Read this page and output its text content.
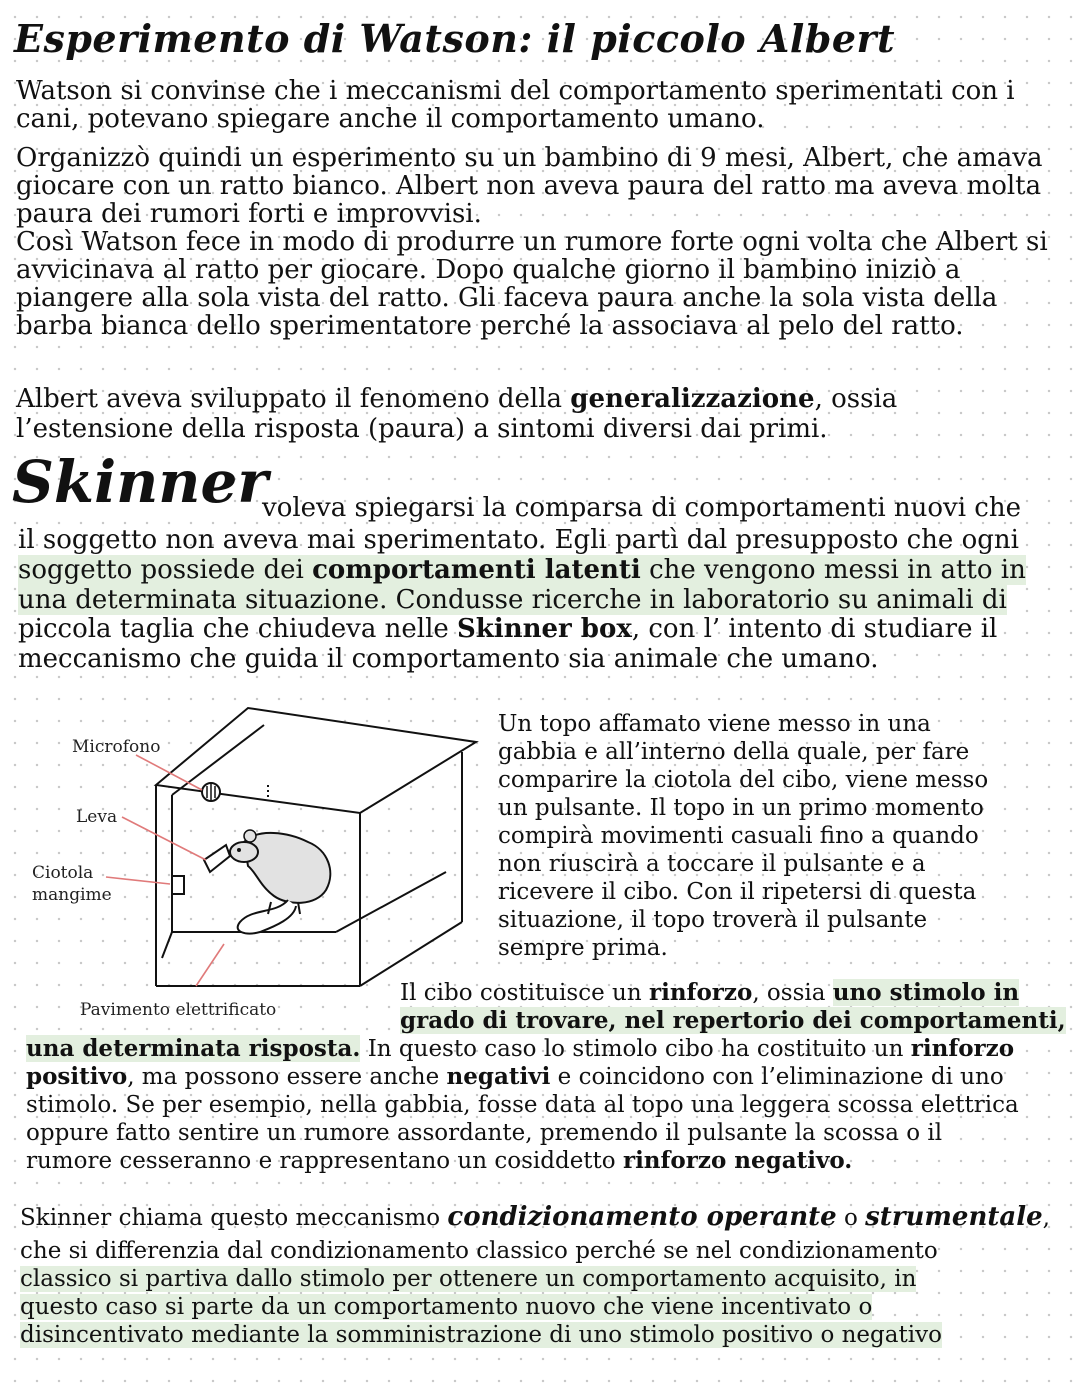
Esperimento di Watson: il piccolo Albert

Watson si convinse che i meccanismi del comportamento sperimentati con i cani, potevano spiegare anche il comportamento umano.

Organizzò quindi un esperimento su un bambino di 9 mesi, Albert, che amava giocare con un ratto bianco. Albert non aveva paura del ratto ma aveva molta paura dei rumori forti e improvvisi.

Così Watson fece in modo di produrre un rumore forte ogni volta che Albert si avvicinava al ratto per giocare. Dopo qualche giorno il bambino iniziò a piangere alla sola vista del ratto. Gli faceva paura anche la sola vista della barba bianca dello sperimentatore perché la associava al pelo del ratto.

Albert aveva sviluppato il fenomeno della generalizzazione, ossia l’estensione della risposta (paura) a sintomi diversi dai primi.

Skinner
voleva spiegarsi la comparsa di comportamenti nuovi che
il soggetto non aveva mai sperimentato. Egli partì dal presupposto che ogni
soggetto possiede dei comportamenti latenti che vengono messi in atto in
una determinata situazione. Condusse ricerche in laboratorio su animali di
piccola taglia che chiudeva nelle Skinner box, con l’ intento di studiare il
meccanismo che guida il comportamento sia animale che umano.
Microfono
Leva
Ciotola
mangime
Pavimento elettrificato
Un topo affamato viene messo in una
gabbia e all’interno della quale, per fare
comparire la ciotola del cibo, viene messo
un pulsante. Il topo in un primo momento
compirà movimenti casuali fino a quando
non riuscirà a toccare il pulsante e a
ricevere il cibo. Con il ripetersi di questa
situazione, il topo troverà il pulsante
sempre prima.
Il cibo costituisce un rinforzo, ossia uno stimolo in
grado di trovare, nel repertorio dei comportamenti,
una determinata risposta. In questo caso lo stimolo cibo ha costituito un rinforzo
positivo, ma possono essere anche negativi e coincidono con l’eliminazione di uno
stimolo. Se per esempio, nella gabbia, fosse data al topo una leggera scossa elettrica
oppure fatto sentire un rumore assordante, premendo il pulsante la scossa o il
rumore cesseranno e rappresentano un cosiddetto rinforzo negativo.
Skinner chiama questo meccanismo condizionamento operante o strumentale,
che si differenzia dal condizionamento classico perché se nel condizionamento
classico si partiva dallo stimolo per ottenere un comportamento acquisito, in
questo caso si parte da un comportamento nuovo che viene incentivato o
disincentivato mediante la somministrazione di uno stimolo positivo o negativo
